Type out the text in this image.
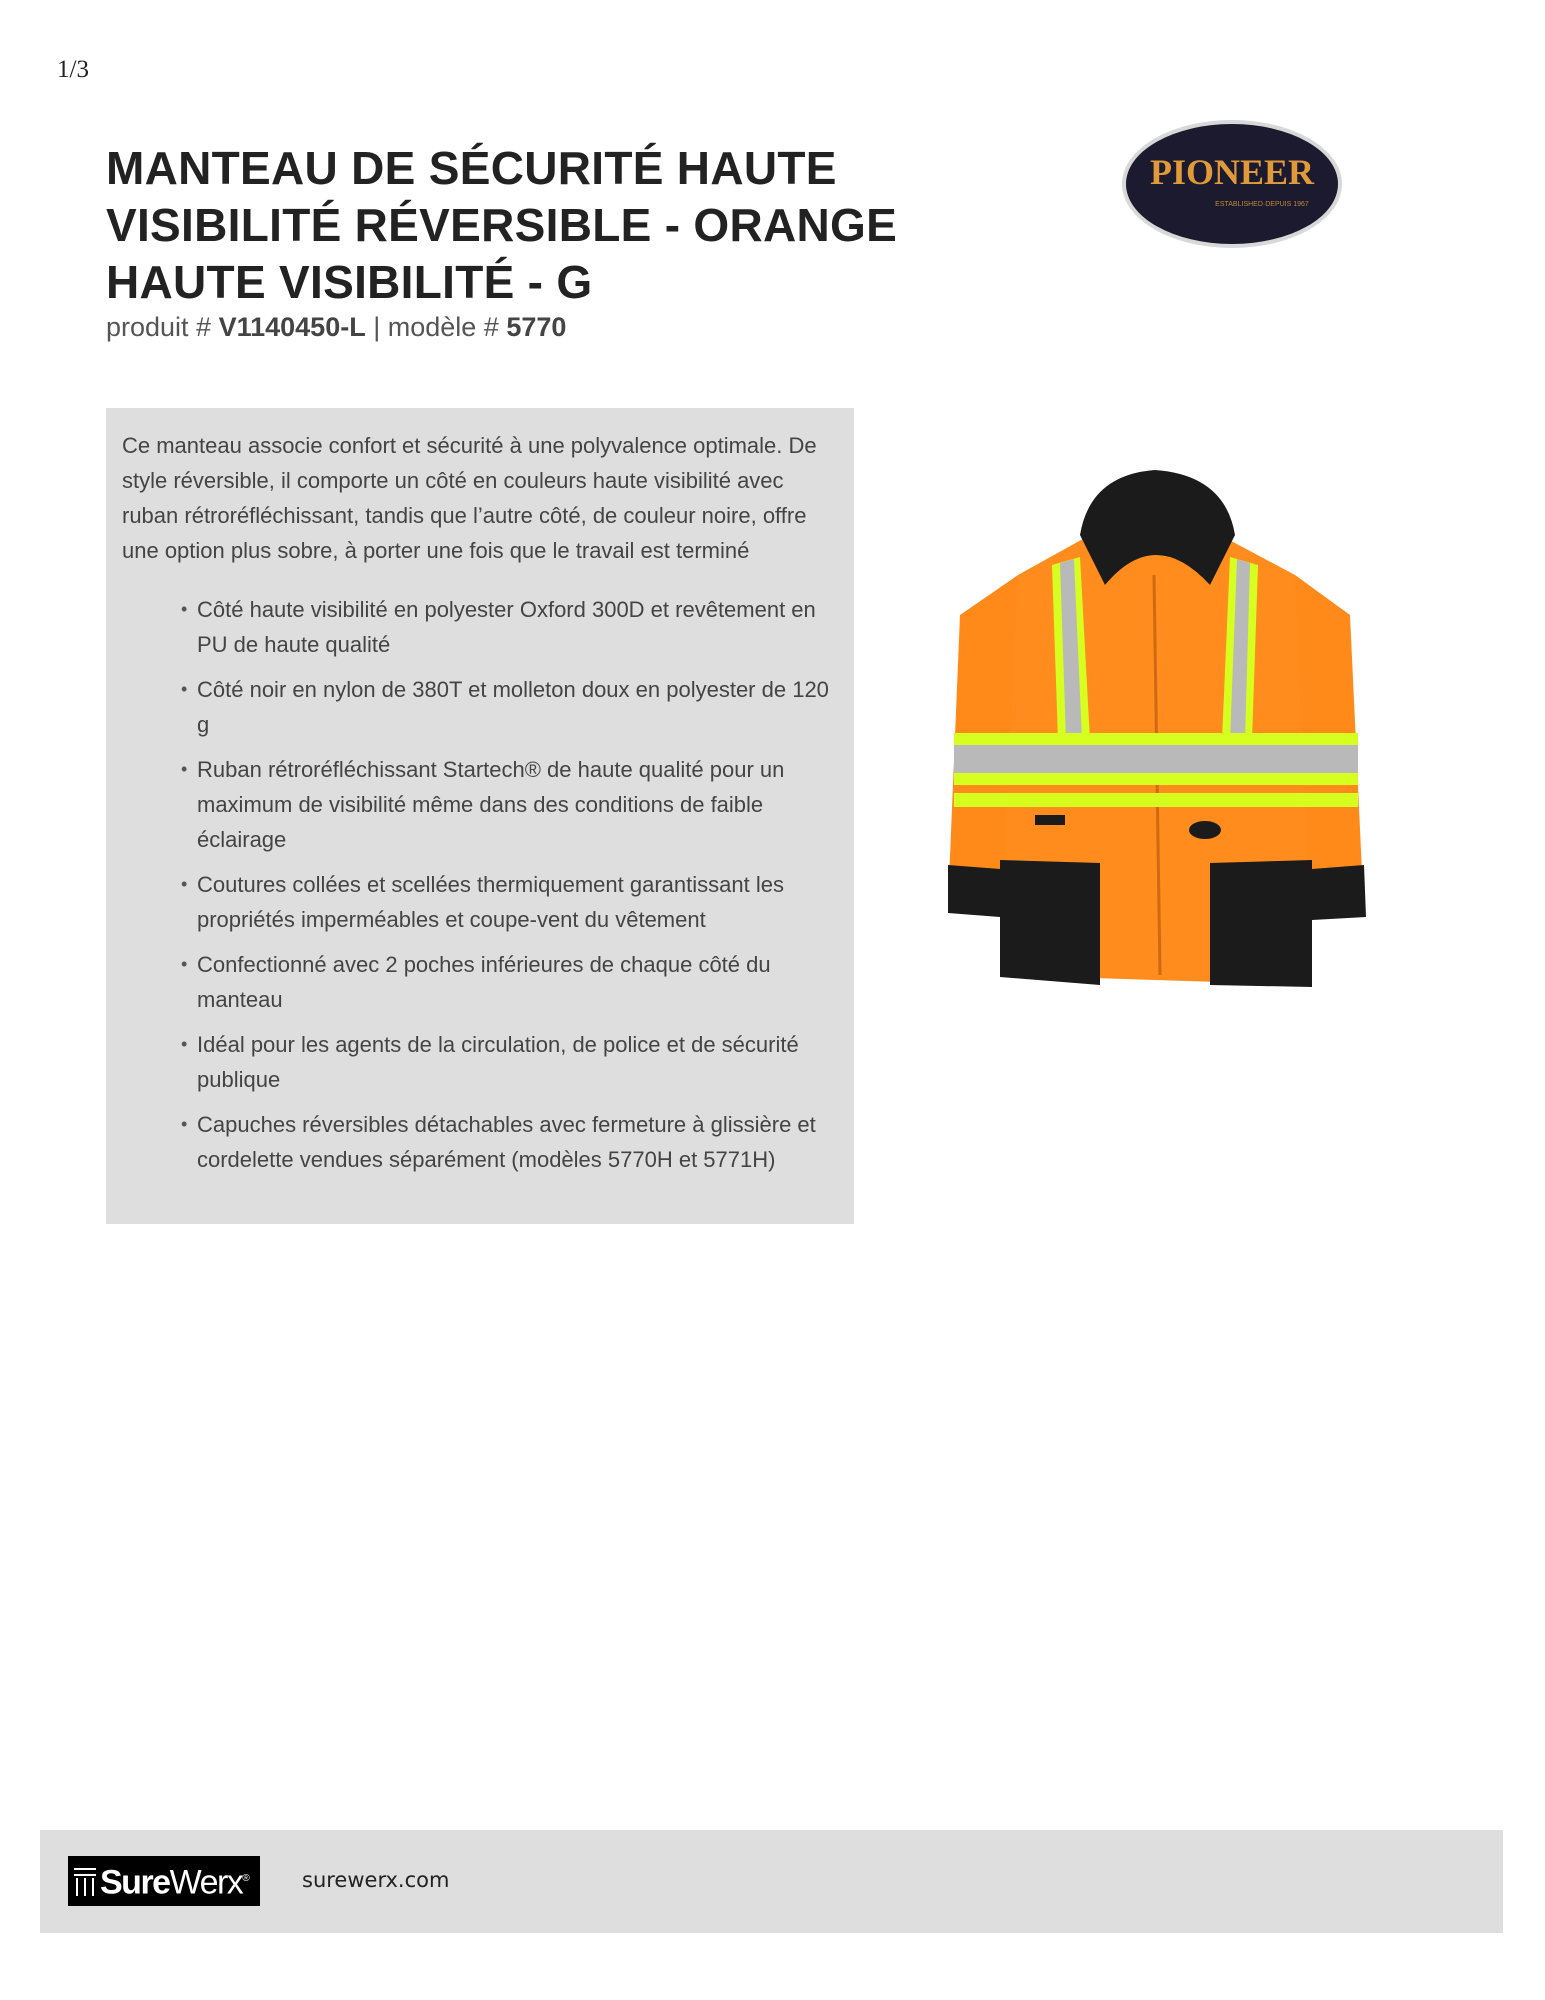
1/3
MANTEAU DE SÉCURITÉ HAUTE VISIBILITÉ RÉVERSIBLE - ORANGE HAUTE VISIBILITÉ - G
produit # V1140450-L | modèle # 5770
PIONEER
ESTABLISHED·DEPUIS 1967

Ce manteau associe confort et sécurité à une polyvalence optimale. De style réversible, il comporte un côté en couleurs haute visibilité avec ruban rétroréfléchissant, tandis que l’autre côté, de couleur noire, offre une option plus sobre, à porter une fois que le travail est terminé

• Côté haute visibilité en polyester Oxford 300D et revêtement en PU de haute qualité
• Côté noir en nylon de 380T et molleton doux en polyester de 120 g
• Ruban rétroréfléchissant Startech® de haute qualité pour un maximum de visibilité même dans des conditions de faible éclairage
• Coutures collées et scellées thermiquement garantissant les propriétés imperméables et coupe-vent du vêtement
• Confectionné avec 2 poches inférieures de chaque côté du manteau
• Idéal pour les agents de la circulation, de police et de sécurité publique
• Capuches réversibles détachables avec fermeture à glissière et cordelette vendues séparément (modèles 5770H et 5771H)
SureWerx®	surewerx.com
